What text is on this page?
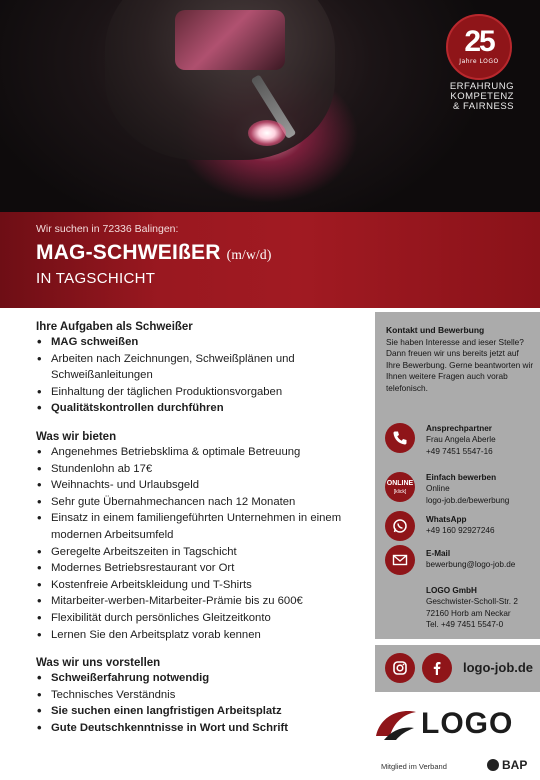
25
Jahre LOGO
ERFAHRUNG
KOMPETENZ
& FAIRNESS
Wir suchen in 72336 Balingen:
MAG-SCHWEIßER (m/w/d)
IN TAGSCHICHT
Ihre Aufgaben als Schweißer
• MAG schweißen
• Arbeiten nach Zeichnungen, Schweißplänen und Schweißanleitungen
• Einhaltung der täglichen Produktionsvorgaben
• Qualitätskontrollen durchführen
Was wir bieten
• Angenehmes Betriebsklima & optimale Betreuung
• Stundenlohn ab 17€
• Weihnachts- und Urlaubsgeld
• Sehr gute Übernahmechancen nach 12 Monaten
• Einsatz in einem familiengeführten Unternehmen in einem modernen Arbeitsumfeld
• Geregelte Arbeitszeiten in Tagschicht
• Modernes Betriebsrestaurant vor Ort
• Kostenfreie Arbeitskleidung und T-Shirts
• Mitarbeiter-werben-Mitarbeiter-Prämie bis zu 600€
• Flexibilität durch persönliches Gleitzeitkonto
• Lernen Sie den Arbeitsplatz vorab kennen
Was wir uns vorstellen
• Schweißerfahrung notwendig
• Technisches Verständnis
• Sie suchen einen langfristigen Arbeitsplatz
• Gute Deutschkenntnisse in Wort und Schrift
Kontakt und Bewerbung
Sie haben Interesse and ieser Stelle? Dann freuen wir uns bereits jetzt auf Ihre Bewerbung. Gerne beantworten wir Ihnen weitere Fragen auch vorab telefonisch.
Ansprechpartner
Frau Angela Aberle
+49 7451 5547-16
ONLINE
[klick]
Einfach bewerben
Online
logo-job.de/bewerbung
WhatsApp
+49 160 92927246
E-Mail
bewerbung@logo-job.de
LOGO GmbH
Geschwister-Scholl-Str. 2
72160 Horb am Neckar
Tel. +49 7451 5547-0
logo-job.de
LOGO
Mitglied im Verband	BAP
